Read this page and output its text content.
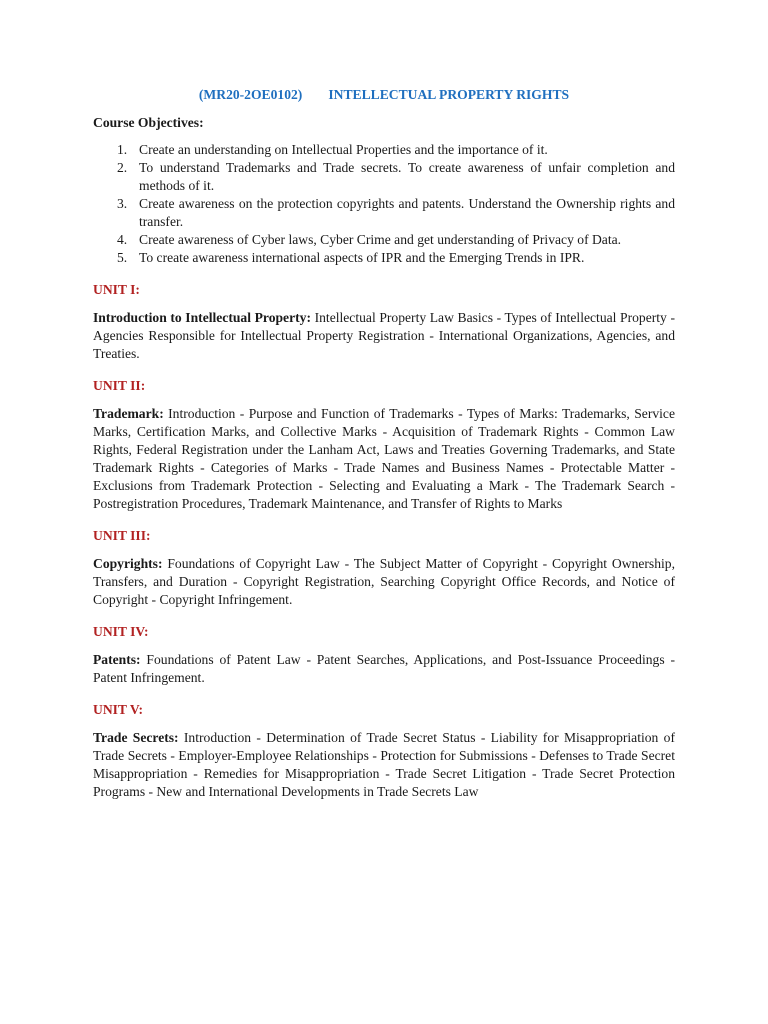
(MR20-2OE0102) INTELLECTUAL PROPERTY RIGHTS
Course Objectives:
1. Create an understanding on Intellectual Properties and the importance of it.
2. To understand Trademarks and Trade secrets. To create awareness of unfair completion and methods of it.
3. Create awareness on the protection copyrights and patents. Understand the Ownership rights and transfer.
4. Create awareness of Cyber laws, Cyber Crime and get understanding of Privacy of Data.
5. To create awareness international aspects of IPR and the Emerging Trends in IPR.
UNIT I:

Introduction to Intellectual Property: Intellectual Property Law Basics - Types of Intellectual Property - Agencies Responsible for Intellectual Property Registration - International Organizations, Agencies, and Treaties.

UNIT II:

Trademark: Introduction - Purpose and Function of Trademarks - Types of Marks: Trademarks, Service Marks, Certification Marks, and Collective Marks - Acquisition of Trademark Rights - Common Law Rights, Federal Registration under the Lanham Act, Laws and Treaties Governing Trademarks, and State Trademark Rights - Categories of Marks - Trade Names and Business Names - Protectable Matter - Exclusions from Trademark Protection - Selecting and Evaluating a Mark - The Trademark Search - Postregistration Procedures, Trademark Maintenance, and Transfer of Rights to Marks

UNIT III:

Copyrights: Foundations of Copyright Law - The Subject Matter of Copyright - Copyright Ownership, Transfers, and Duration - Copyright Registration, Searching Copyright Office Records, and Notice of Copyright - Copyright Infringement.

UNIT IV:

Patents: Foundations of Patent Law - Patent Searches, Applications, and Post-Issuance Proceedings - Patent Infringement.

UNIT V:

Trade Secrets: Introduction - Determination of Trade Secret Status - Liability for Misappropriation of Trade Secrets - Employer-Employee Relationships - Protection for Submissions - Defenses to Trade Secret Misappropriation - Remedies for Misappropriation - Trade Secret Litigation - Trade Secret Protection Programs - New and International Developments in Trade Secrets Law
